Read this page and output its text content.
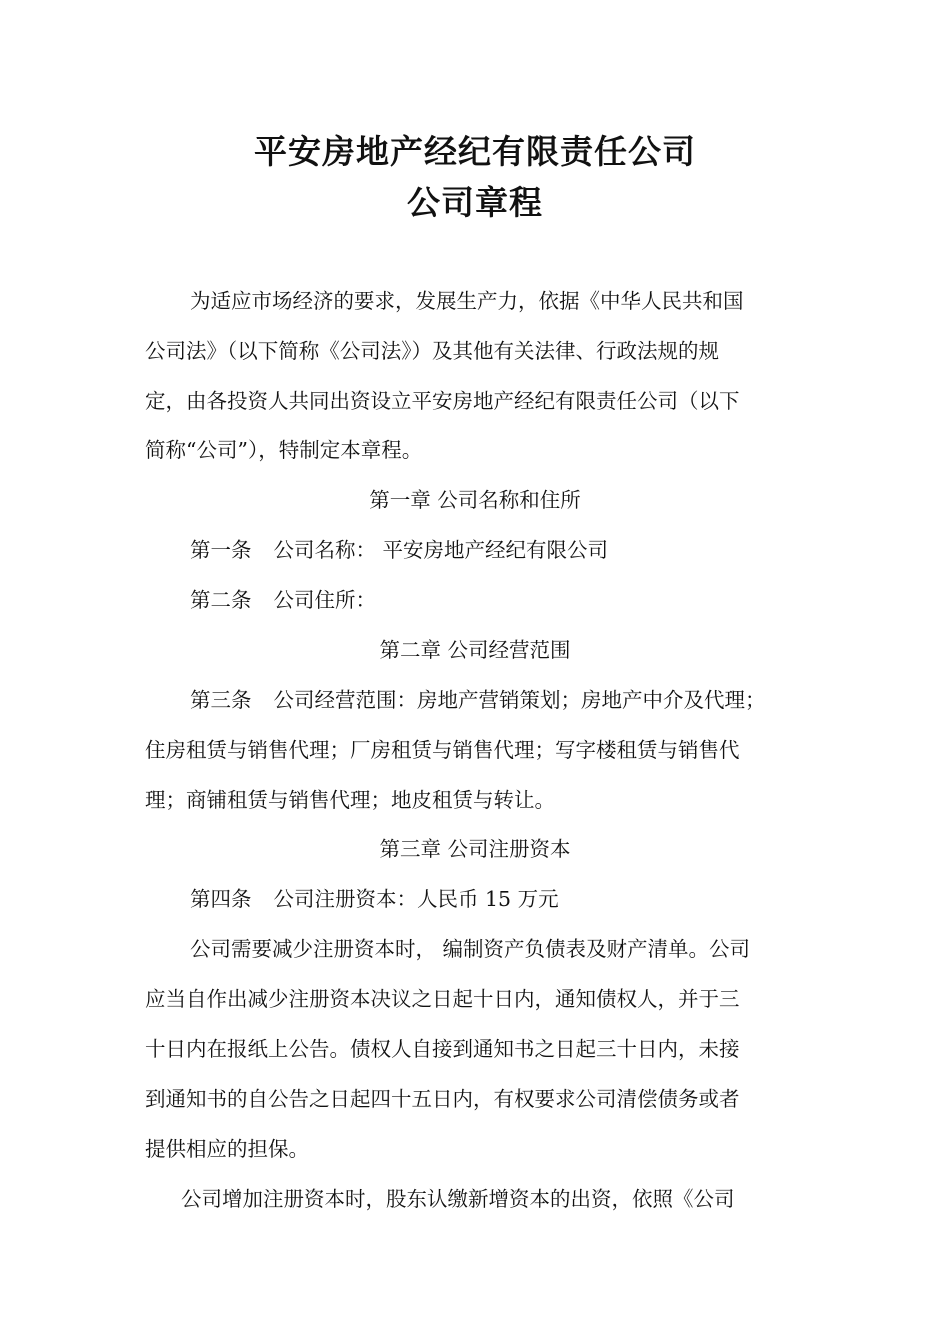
平安房地产经纪有限责任公司
公司章程
为适应市场经济的要求，发展生产力，依据《中华人民共和国
公司法》（以下简称《公司法》）及其他有关法律、行政法规的规
定，由各投资人共同出资设立平安房地产经纪有限责任公司（以下
简称“公司”），特制定本章程。
第一章 公司名称和住所
第一条 公司名称： 平安房地产经纪有限公司
第二条 公司住所：
第二章 公司经营范围
第三条 公司经营范围：房地产营销策划；房地产中介及代理；
住房租赁与销售代理；厂房租赁与销售代理；写字楼租赁与销售代
理；商铺租赁与销售代理；地皮租赁与转让。
第三章 公司注册资本
第四条 公司注册资本：人民币 15 万元
公司需要减少注册资本时， 编制资产负债表及财产清单。公司
应当自作出减少注册资本决议之日起十日内，通知债权人，并于三
十日内在报纸上公告。债权人自接到通知书之日起三十日内，未接
到通知书的自公告之日起四十五日内，有权要求公司清偿债务或者
提供相应的担保。
公司增加注册资本时，股东认缴新增资本的出资，依照《公司
